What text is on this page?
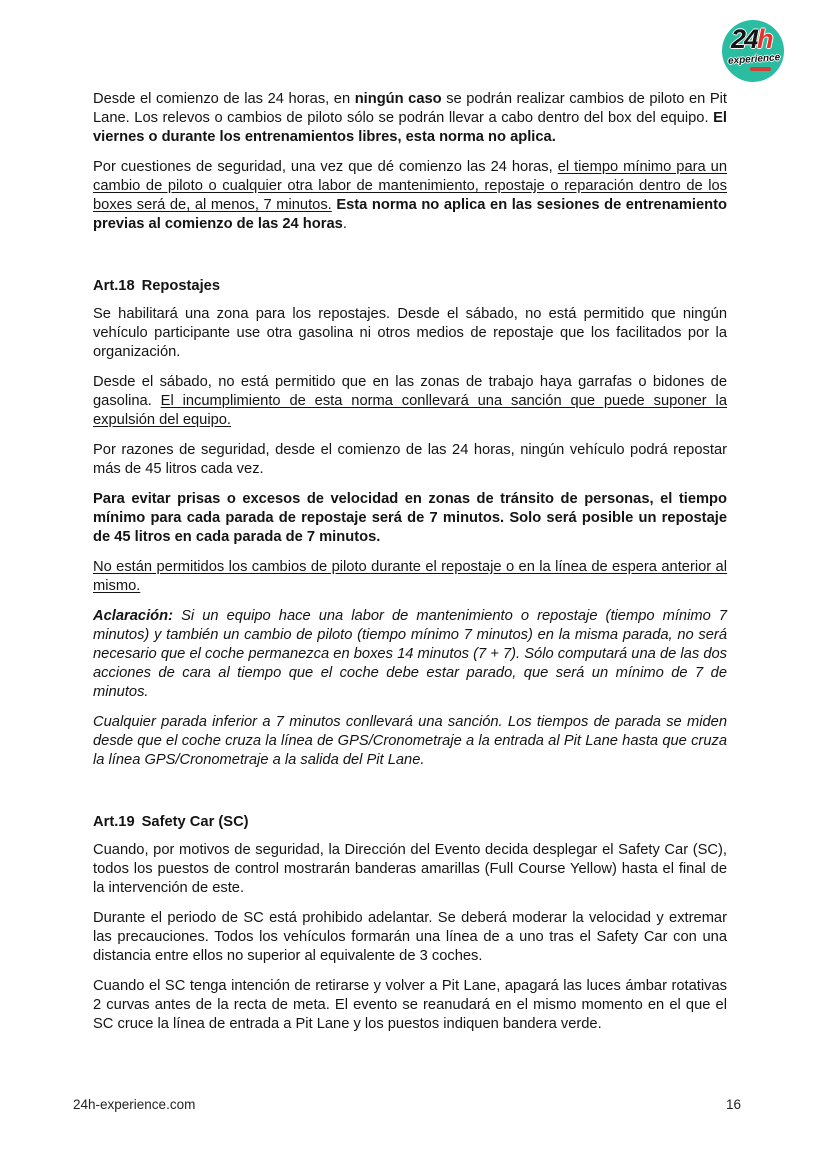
24h
experience

Desde el comienzo de las 24 horas, en ningún caso se podrán realizar cambios de piloto en Pit Lane. Los relevos o cambios de piloto sólo se podrán llevar a cabo dentro del box del equipo. El viernes o durante los entrenamientos libres, esta norma no aplica.

Por cuestiones de seguridad, una vez que dé comienzo las 24 horas, el tiempo mínimo para un cambio de piloto o cualquier otra labor de mantenimiento, repostaje o reparación dentro de los boxes será de, al menos, 7 minutos. Esta norma no aplica en las sesiones de entrenamiento previas al comienzo de las 24 horas.

Art.18 Repostajes

Se habilitará una zona para los repostajes. Desde el sábado, no está permitido que ningún vehículo participante use otra gasolina ni otros medios de repostaje que los facilitados por la organización.

Desde el sábado, no está permitido que en las zonas de trabajo haya garrafas o bidones de gasolina. El incumplimiento de esta norma conllevará una sanción que puede suponer la expulsión del equipo.

Por razones de seguridad, desde el comienzo de las 24 horas, ningún vehículo podrá repostar más de 45 litros cada vez.

Para evitar prisas o excesos de velocidad en zonas de tránsito de personas, el tiempo mínimo para cada parada de repostaje será de 7 minutos. Solo será posible un repostaje de 45 litros en cada parada de 7 minutos.

No están permitidos los cambios de piloto durante el repostaje o en la línea de espera anterior al mismo.

Aclaración: Si un equipo hace una labor de mantenimiento o repostaje (tiempo mínimo 7 minutos) y también un cambio de piloto (tiempo mínimo 7 minutos) en la misma parada, no será necesario que el coche permanezca en boxes 14 minutos (7 + 7). Sólo computará una de las dos acciones de cara al tiempo que el coche debe estar parado, que será un mínimo de 7 de minutos.

Cualquier parada inferior a 7 minutos conllevará una sanción. Los tiempos de parada se miden desde que el coche cruza la línea de GPS/Cronometraje a la entrada al Pit Lane hasta que cruza la línea GPS/Cronometraje a la salida del Pit Lane.

Art.19 Safety Car (SC)

Cuando, por motivos de seguridad, la Dirección del Evento decida desplegar el Safety Car (SC), todos los puestos de control mostrarán banderas amarillas (Full Course Yellow) hasta el final de la intervención de este.

Durante el periodo de SC está prohibido adelantar. Se deberá moderar la velocidad y extremar las precauciones. Todos los vehículos formarán una línea de a uno tras el Safety Car con una distancia entre ellos no superior al equivalente de 3 coches.

Cuando el SC tenga intención de retirarse y volver a Pit Lane, apagará las luces ámbar rotativas 2 curvas antes de la recta de meta. El evento se reanudará en el mismo momento en el que el SC cruce la línea de entrada a Pit Lane y los puestos indiquen bandera verde.

24h-experience.com	16
